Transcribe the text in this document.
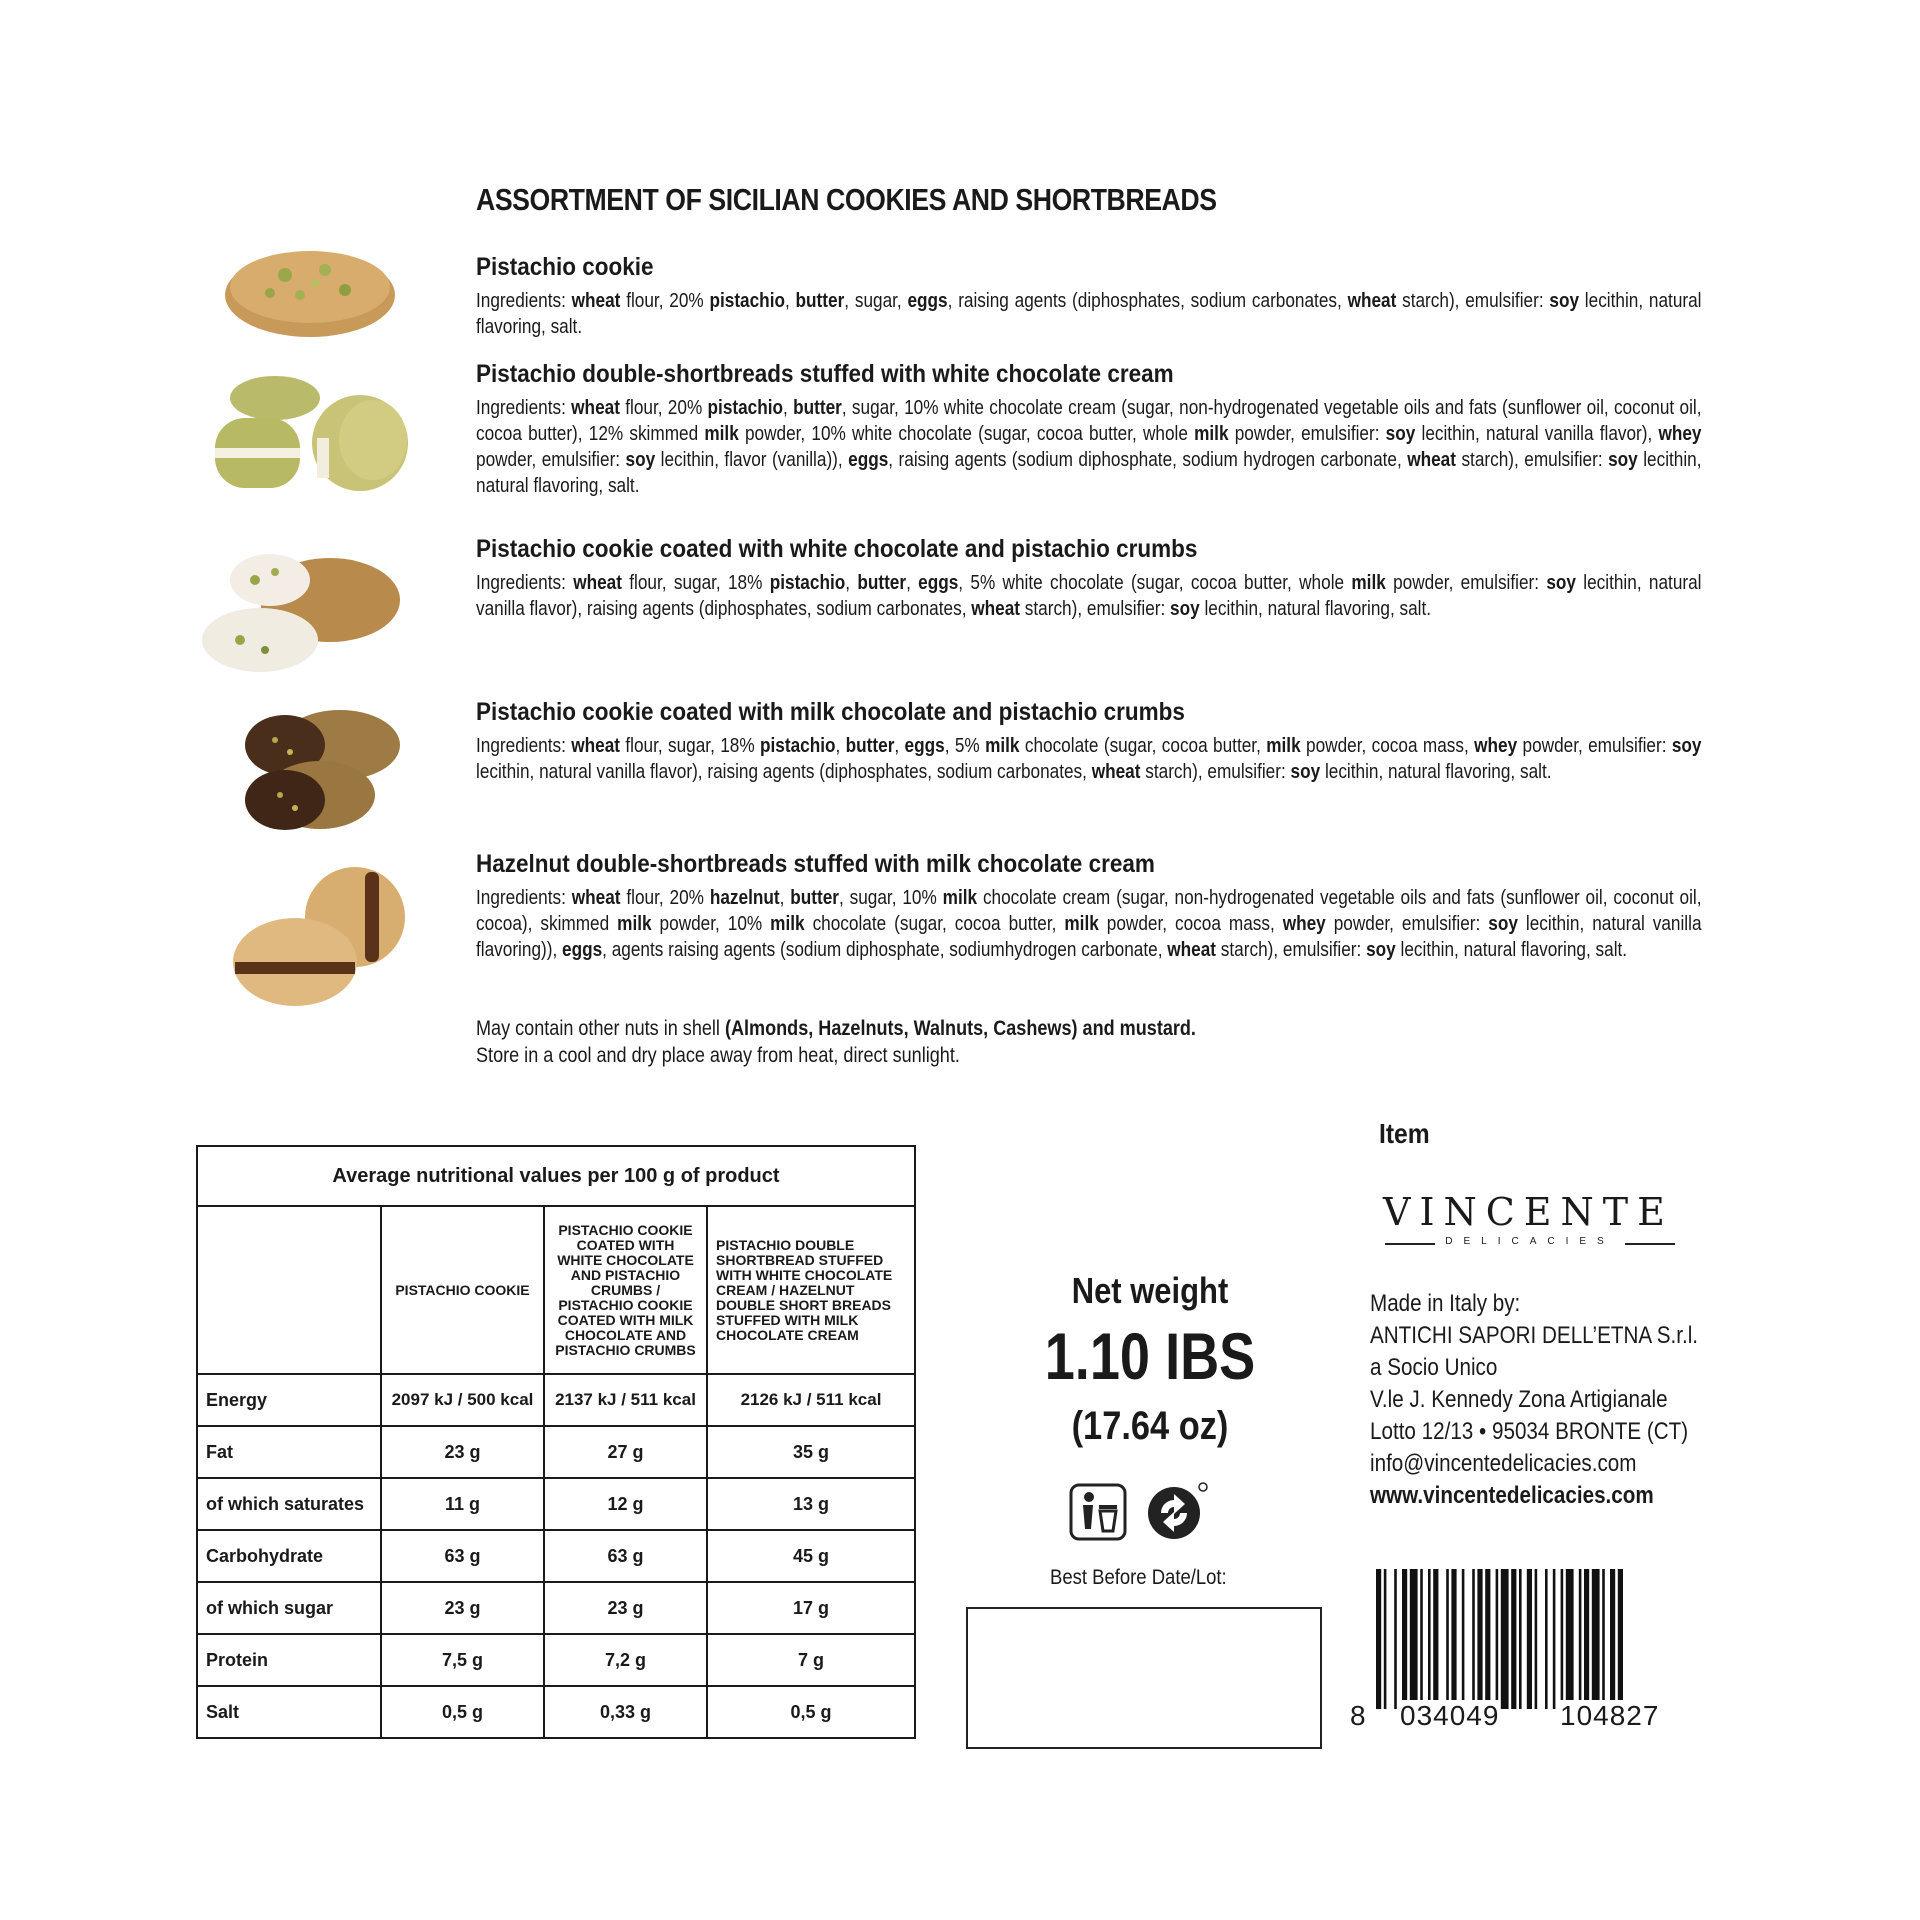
ASSORTMENT OF SICILIAN COOKIES AND SHORTBREADS
Pistachio cookie
Ingredients: wheat flour, 20% pistachio, butter, sugar, eggs, raising agents (diphosphates, sodium carbonates, wheat starch), emulsifier: soy lecithin, natural flavoring, salt.
Pistachio double-shortbreads stuffed with white chocolate cream
Ingredients: wheat flour, 20% pistachio, butter, sugar, 10% white chocolate cream (sugar, non-hydrogenated vegetable oils and fats (sunflower oil, coconut oil, cocoa butter), 12% skimmed milk powder, 10% white chocolate (sugar, cocoa butter, whole milk powder, emulsifier: soy lecithin, natural vanilla flavor), whey powder, emulsifier: soy lecithin, flavor (vanilla)), eggs, raising agents (sodium diphosphate, sodium hydrogen carbonate, wheat starch), emulsifier: soy lecithin, natural flavoring, salt.
Pistachio cookie coated with white chocolate and pistachio crumbs
Ingredients: wheat flour, sugar, 18% pistachio, butter, eggs, 5% white chocolate (sugar, cocoa butter, whole milk powder, emulsifier: soy lecithin, natural vanilla flavor), raising agents (diphosphates, sodium carbonates, wheat starch), emulsifier: soy lecithin, natural flavoring, salt.
Pistachio cookie coated with milk chocolate and pistachio crumbs
Ingredients: wheat flour, sugar, 18% pistachio, butter, eggs, 5% milk chocolate (sugar, cocoa butter, milk powder, cocoa mass, whey powder, emulsifier: soy lecithin, natural vanilla flavor), raising agents (diphosphates, sodium carbonates, wheat starch), emulsifier: soy lecithin, natural flavoring, salt.
Hazelnut double-shortbreads stuffed with milk chocolate cream
Ingredients: wheat flour, 20% hazelnut, butter, sugar, 10% milk chocolate cream (sugar, non-hydrogenated vegetable oils and fats (sunflower oil, coconut oil, cocoa), skimmed milk powder, 10% milk chocolate (sugar, cocoa butter, milk powder, cocoa mass, whey powder, emulsifier: soy lecithin, natural vanilla flavoring)), eggs, agents raising agents (sodium diphosphate, sodiumhydrogen carbonate, wheat starch), emulsifier: soy lecithin, natural flavoring, salt.
May contain other nuts in shell (Almonds, Hazelnuts, Walnuts, Cashews) and mustard.
Store in a cool and dry place away from heat, direct sunlight.
Average nutritional values per 100 g of product			
	PISTACHIO COOKIE	PISTACHIO COOKIE COATED WITH WHITE CHOCOLATE AND PISTACHIO CRUMBS / PISTACHIO COOKIE COATED WITH MILK CHOCOLATE AND PISTACHIO CRUMBS	PISTACHIO DOUBLE SHORTBREAD STUFFED WITH WHITE CHOCOLATE CREAM / HAZELNUT DOUBLE SHORT BREADS STUFFED WITH MILK CHOCOLATE CREAM
Energy	2097 kJ / 500 kcal	2137 kJ / 511 kcal	2126 kJ / 511 kcal
Fat	23 g	27 g	35 g
of which saturates	11 g	12 g	13 g
Carbohydrate	63 g	63 g	45 g
of which sugar	23 g	23 g	17 g
Protein	7,5 g	7,2 g	7 g
Salt	0,5 g	0,33 g	0,5 g
Net weight
1.10 IBS
(17.64 oz)
Best Before Date/Lot:
Item
VINCENTE
DELICACIES
Made in Italy by:
ANTICHI SAPORI DELL’ETNA S.r.l.
a Socio Unico
V.le J. Kennedy Zona Artigianale
Lotto 12/13 • 95034 BRONTE (CT)
info@vincentedelicacies.com
www.vincentedelicacies.com
8 034049 104827
